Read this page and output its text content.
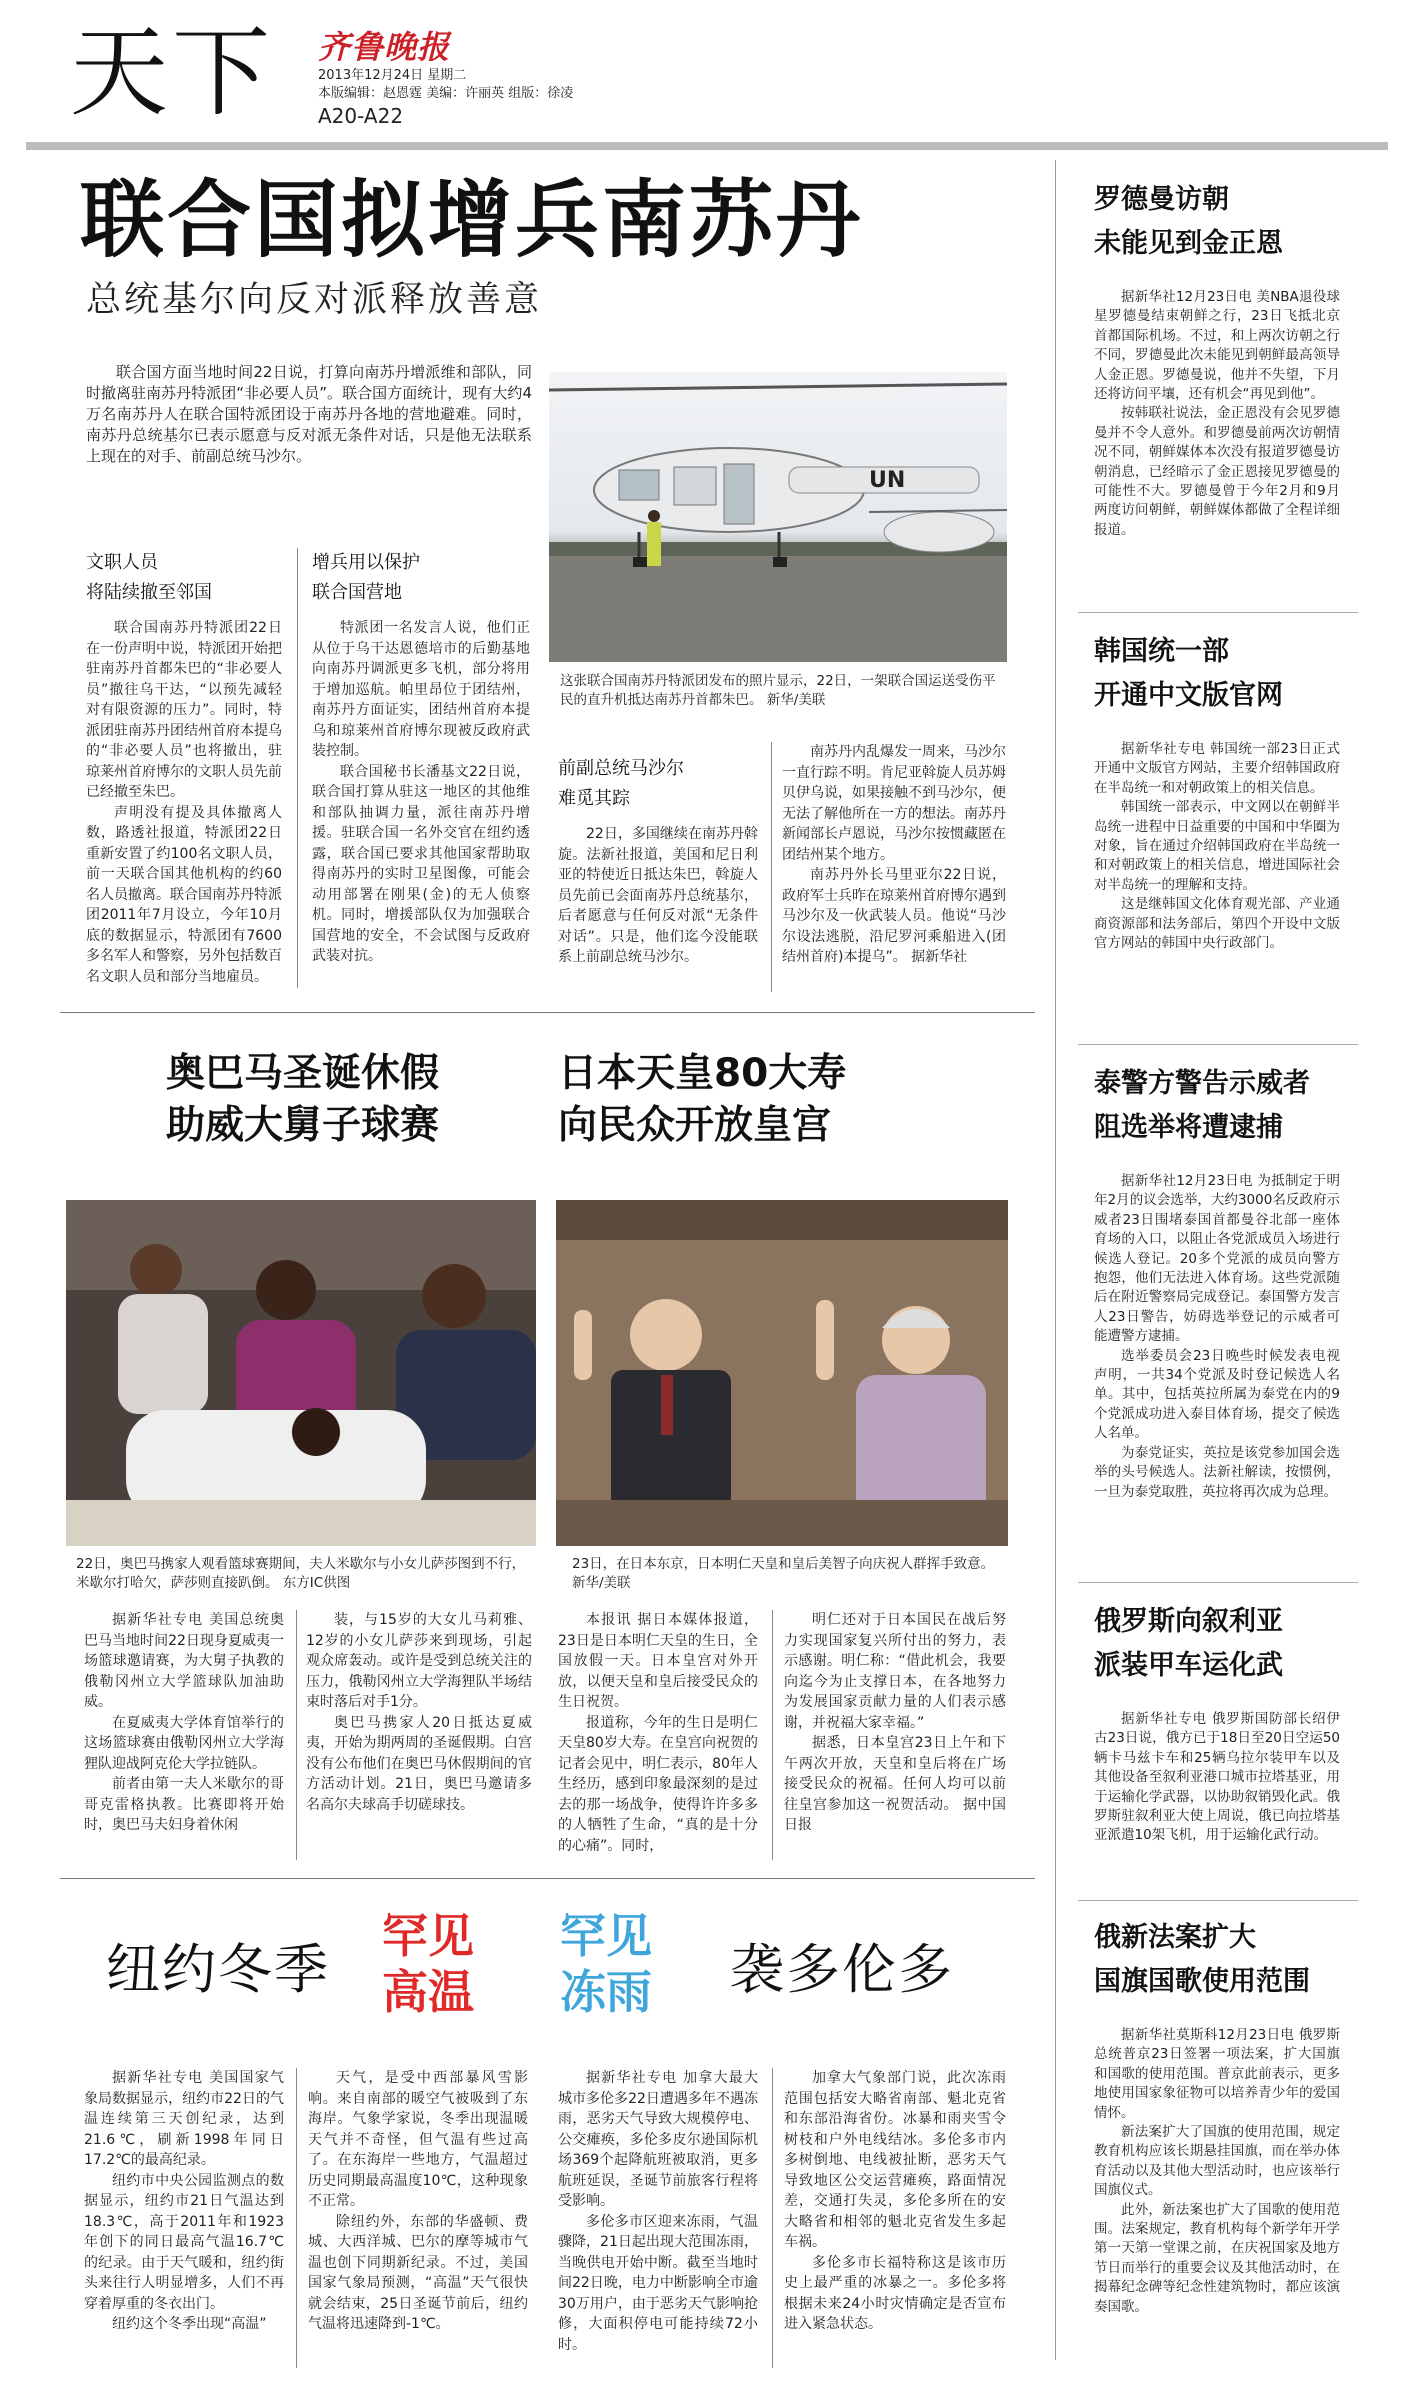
天下 齐鲁晚报
2013年12月24日 星期二
本版编辑：赵恩霆 美编：许丽英 组版：徐凌
A20-A22
联合国拟增兵南苏丹
总统基尔向反对派释放善意

联合国方面当地时间22日说，打算向南苏丹增派维和部队，同时撤离驻南苏丹特派团“非必要人员”。联合国方面统计，现有大约4万名南苏丹人在联合国特派团设于南苏丹各地的营地避难。同时，南苏丹总统基尔已表示愿意与反对派无条件对话，只是他无法联系上现在的对手、前副总统马沙尔。

UN
这张联合国南苏丹特派团发布的照片显示，22日，一架联合国运送受伤平民的直升机抵达南苏丹首都朱巴。 新华/美联
文职人员
将陆续撤至邻国

联合国南苏丹特派团22日在一份声明中说，特派团开始把驻南苏丹首都朱巴的“非必要人员”撤往乌干达，“以预先减轻对有限资源的压力”。同时，特派团驻南苏丹团结州首府本提乌的“非必要人员”也将撤出，驻琼莱州首府博尔的文职人员先前已经撤至朱巴。

声明没有提及具体撤离人数，路透社报道，特派团22日重新安置了约100名文职人员，前一天联合国其他机构的约60名人员撤离。联合国南苏丹特派团2011年7月设立，今年10月底的数据显示，特派团有7600多名军人和警察，另外包括数百名文职人员和部分当地雇员。

增兵用以保护
联合国营地

特派团一名发言人说，他们正从位于乌干达恩德培市的后勤基地向南苏丹调派更多飞机，部分将用于增加巡航。帕里昂位于团结州，南苏丹方面证实，团结州首府本提乌和琼莱州首府博尔现被反政府武装控制。

联合国秘书长潘基文22日说，联合国打算从驻这一地区的其他维和部队抽调力量，派往南苏丹增援。驻联合国一名外交官在纽约透露，联合国已要求其他国家帮助取得南苏丹的实时卫星图像，可能会动用部署在刚果(金)的无人侦察机。同时，增援部队仅为加强联合国营地的安全，不会试图与反政府武装对抗。

前副总统马沙尔
难觅其踪

22日，多国继续在南苏丹斡旋。法新社报道，美国和尼日利亚的特使近日抵达朱巴，斡旋人员先前已会面南苏丹总统基尔，后者愿意与任何反对派“无条件对话”。只是，他们迄今没能联系上前副总统马沙尔。

南苏丹内乱爆发一周来，马沙尔一直行踪不明。肯尼亚斡旋人员苏姆贝伊乌说，如果接触不到马沙尔，便无法了解他所在一方的想法。南苏丹新闻部长卢恩说，马沙尔按惯藏匿在团结州某个地方。

南苏丹外长马里亚尔22日说，政府军士兵昨在琼莱州首府博尔遇到马沙尔及一伙武装人员。他说“马沙尔设法逃脱，沿尼罗河乘船进入(团结州首府)本提乌”。 据新华社

奥巴马圣诞休假
助威大舅子球赛
22日，奥巴马携家人观看篮球赛期间，夫人米歇尔与小女儿萨莎图到不行，米歇尔打哈欠，萨莎则直接趴倒。 东方IC供图

据新华社专电 美国总统奥巴马当地时间22日现身夏威夷一场篮球邀请赛，为大舅子执教的俄勒冈州立大学篮球队加油助威。

在夏威夷大学体育馆举行的这场篮球赛由俄勒冈州立大学海狸队迎战阿克伦大学拉链队。

前者由第一夫人米歇尔的哥哥克雷格执教。比赛即将开始时，奥巴马夫妇身着休闲

装，与15岁的大女儿马莉雅、12岁的小女儿萨莎来到现场，引起观众席轰动。或许是受到总统关注的压力，俄勒冈州立大学海狸队半场结束时落后对手1分。

奥巴马携家人20日抵达夏威夷，开始为期两周的圣诞假期。白宫没有公布他们在奥巴马休假期间的官方活动计划。21日，奥巴马邀请多名高尔夫球高手切磋球技。

日本天皇80大寿
向民众开放皇宫
23日，在日本东京，日本明仁天皇和皇后美智子向庆祝人群挥手致意。 新华/美联

本报讯 据日本媒体报道，23日是日本明仁天皇的生日，全国放假一天。日本皇宫对外开放，以便天皇和皇后接受民众的生日祝贺。

报道称，今年的生日是明仁天皇80岁大寿。在皇宫向祝贺的记者会见中，明仁表示，80年人生经历，感到印象最深刻的是过去的那一场战争，使得许许多多的人牺牲了生命，“真的是十分的心痛”。同时，

明仁还对于日本国民在战后努力实现国家复兴所付出的努力，表示感谢。明仁称：“借此机会，我要向迄今为止支撑日本，在各地努力为发展国家贡献力量的人们表示感谢，并祝福大家幸福。”

据悉，日本皇宫23日上午和下午两次开放，天皇和皇后将在广场接受民众的祝福。任何人均可以前往皇宫参加这一祝贺活动。 据中国日报

纽约冬季
罕见
高温
罕见
冻雨 袭多伦多

据新华社专电 美国国家气象局数据显示，纽约市22日的气温连续第三天创纪录，达到21.6℃，刷新1998年同日17.2℃的最高纪录。

纽约市中央公园监测点的数据显示，纽约市21日气温达到18.3℃，高于2011年和1923年创下的同日最高气温16.7℃的纪录。由于天气暖和，纽约街头来往行人明显增多，人们不再穿着厚重的冬衣出门。

纽约这个冬季出现“高温”

天气，是受中西部暴风雪影响。来自南部的暖空气被吸到了东海岸。气象学家说，冬季出现温暖天气并不奇怪，但气温有些过高了。在东海岸一些地方，气温超过历史同期最高温度10℃，这种现象不正常。

除纽约外，东部的华盛顿、费城、大西洋城、巴尔的摩等城市气温也创下同期新纪录。不过，美国国家气象局预测，“高温”天气很快就会结束，25日圣诞节前后，纽约气温将迅速降到-1℃。

据新华社专电 加拿大最大城市多伦多22日遭遇多年不遇冻雨，恶劣天气导致大规模停电、公交瘫痪，多伦多皮尔逊国际机场369个起降航班被取消，更多航班延误，圣诞节前旅客行程将受影响。

多伦多市区迎来冻雨，气温骤降，21日起出现大范围冻雨，当晚供电开始中断。截至当地时间22日晚，电力中断影响全市逾30万用户，由于恶劣天气影响抢修，大面积停电可能持续72小时。

加拿大气象部门说，此次冻雨范围包括安大略省南部、魁北克省和东部沿海省份。冰暴和雨夹雪令树枝和户外电线结冰。多伦多市内多树倒地、电线被扯断，恶劣天气导致地区公交运营瘫痪，路面情况差，交通打失灵，多伦多所在的安大略省和相邻的魁北克省发生多起车祸。

多伦多市长福特称这是该市历史上最严重的冰暴之一。多伦多将根据未来24小时灾情确定是否宣布进入紧急状态。

罗德曼访朝
未能见到金正恩

据新华社12月23日电 美NBA退役球星罗德曼结束朝鲜之行，23日飞抵北京首都国际机场。不过，和上两次访朝之行不同，罗德曼此次未能见到朝鲜最高领导人金正恩。罗德曼说，他并不失望，下月还将访问平壤，还有机会“再见到他”。

按韩联社说法，金正恩没有会见罗德曼并不令人意外。和罗德曼前两次访朝情况不同，朝鲜媒体本次没有报道罗德曼访朝消息，已经暗示了金正恩接见罗德曼的可能性不大。罗德曼曾于今年2月和9月两度访问朝鲜，朝鲜媒体都做了全程详细报道。

韩国统一部
开通中文版官网

据新华社专电 韩国统一部23日正式开通中文版官方网站，主要介绍韩国政府在半岛统一和对朝政策上的相关信息。

韩国统一部表示，中文网以在朝鲜半岛统一进程中日益重要的中国和中华圈为对象，旨在通过介绍韩国政府在半岛统一和对朝政策上的相关信息，增进国际社会对半岛统一的理解和支持。

这是继韩国文化体育观光部、产业通商资源部和法务部后，第四个开设中文版官方网站的韩国中央行政部门。

泰警方警告示威者
阻选举将遭逮捕

据新华社12月23日电 为抵制定于明年2月的议会选举，大约3000名反政府示威者23日围堵泰国首都曼谷北部一座体育场的入口，以阻止各党派成员入场进行候选人登记。20多个党派的成员向警方抱怨，他们无法进入体育场。这些党派随后在附近警察局完成登记。泰国警方发言人23日警告，妨碍选举登记的示威者可能遭警方逮捕。

选举委员会23日晚些时候发表电视声明，一共34个党派及时登记候选人名单。其中，包括英拉所属为泰党在内的9个党派成功进入泰目体育场，提交了候选人名单。

为泰党证实，英拉是该党参加国会选举的头号候选人。法新社解读，按惯例，一旦为泰党取胜，英拉将再次成为总理。

俄罗斯向叙利亚
派装甲车运化武

据新华社专电 俄罗斯国防部长绍伊古23日说，俄方已于18日至20日空运50辆卡马兹卡车和25辆乌拉尔装甲车以及其他设备至叙利亚港口城市拉塔基亚，用于运输化学武器，以协助叙销毁化武。俄罗斯驻叙利亚大使上周说，俄已向拉塔基亚派遣10架飞机，用于运输化武行动。

俄新法案扩大
国旗国歌使用范围

据新华社莫斯科12月23日电 俄罗斯总统普京23日签署一项法案，扩大国旗和国歌的使用范围。普京此前表示，更多地使用国家象征物可以培养青少年的爱国情怀。

新法案扩大了国旗的使用范围，规定教育机构应该长期悬挂国旗，而在举办体育活动以及其他大型活动时，也应该举行国旗仪式。

此外，新法案也扩大了国歌的使用范围。法案规定，教育机构每个新学年开学第一天第一堂课之前，在庆祝国家及地方节日而举行的重要会议及其他活动时，在揭幕纪念碑等纪念性建筑物时，都应该演奏国歌。
